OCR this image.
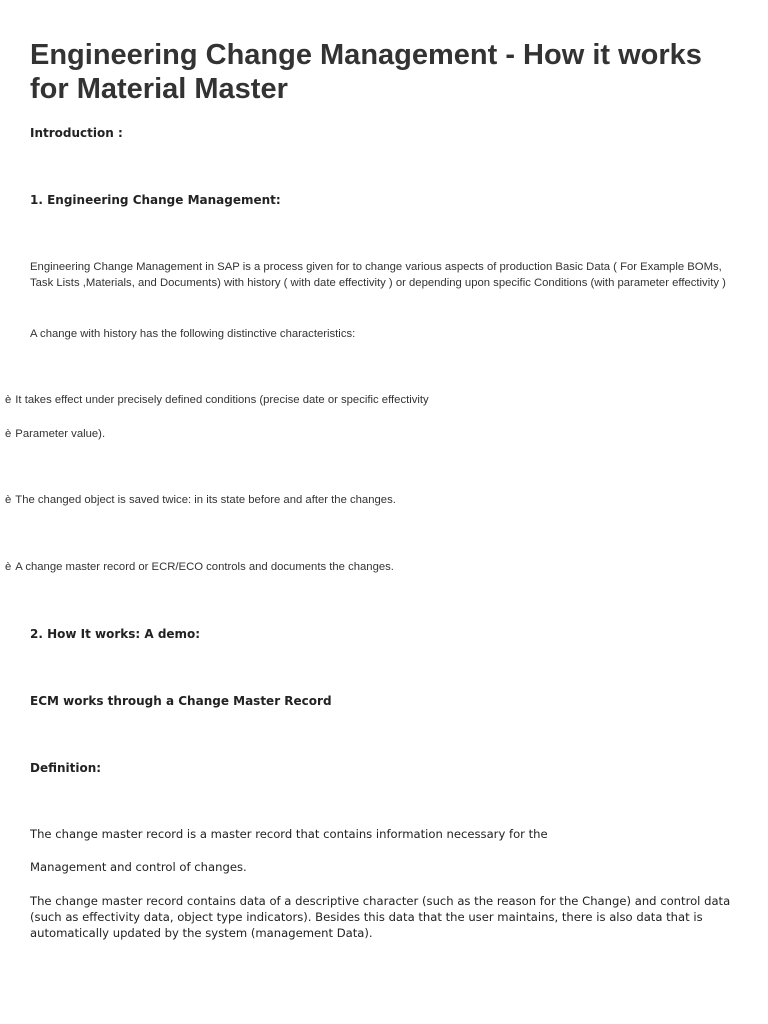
Engineering Change Management - How it works for Material Master

Introduction :

1. Engineering Change Management:

Engineering Change Management in SAP is a process given for to change various aspects of production Basic Data ( For Example BOMs, Task Lists ,Materials, and Documents) with history ( with date effectivity ) or depending upon specific Conditions (with parameter effectivity )

A change with history has the following distinctive characteristics:

è It takes effect under precisely defined conditions (precise date or specific effectivity

è Parameter value).

è The changed object is saved twice: in its state before and after the changes.

è A change master record or ECR/ECO controls and documents the changes.

2. How It works: A demo:

ECM works through a Change Master Record

Definition:

The change master record is a master record that contains information necessary for the

Management and control of changes.

The change master record contains data of a descriptive character (such as the reason for the Change) and control data (such as effectivity data, object type indicators). Besides this data that the user maintains, there is also data that is automatically updated by the system (management Data).
